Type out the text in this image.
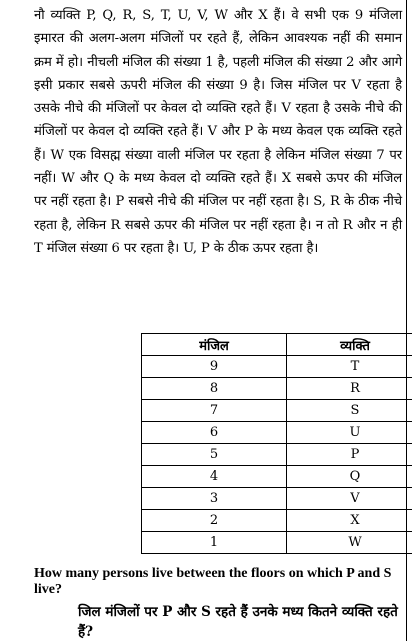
नौ व्यक्ति P, Q, R, S, T, U, V, W और X हैं। वे सभी एक 9 मंजिला इमारत की अलग-अलग मंजिलों पर रहते हैं, लेकिन आवश्यक नहीं की समान क्रम में हो। नीचली मंजिल की संख्या 1 है, पहली मंजिल की संख्या 2 और आगे इसी प्रकार सबसे ऊपरी मंजिल की संख्या 9 है। जिस मंजिल पर V रहता है उसके नीचे की मंजिलों पर केवल दो व्यक्ति रहते हैं। V रहता है उसके नीचे की मंजिलों पर केवल दो व्यक्ति रहते हैं। V और P के मध्य केवल एक व्यक्ति रहते हैं। W एक विसह्म संख्या वाली मंजिल पर रहता है लेकिन मंजिल संख्या 7 पर नहीं। W और Q के मध्य केवल दो व्यक्ति रहते हैं। X सबसे ऊपर की मंजिल पर नहीं रहता है। P सबसे नीचे की मंजिल पर नहीं रहता है। S, R के ठीक नीचे रहता है, लेकिन R सबसे ऊपर की मंजिल पर नहीं रहता है। न तो R और न ही T मंजिल संख्या 6 पर रहता है। U, P के ठीक ऊपर रहता है।
मंजिल	व्यक्ति
9	T
8	R
7	S
6	U
5	P
4	Q
3	V
2	X
1	W
How many persons live between the floors on which P and S live?
जिल मंजिलों पर P और S रहते हैं उनके मध्य कितने व्यक्ति रहते हैं?
